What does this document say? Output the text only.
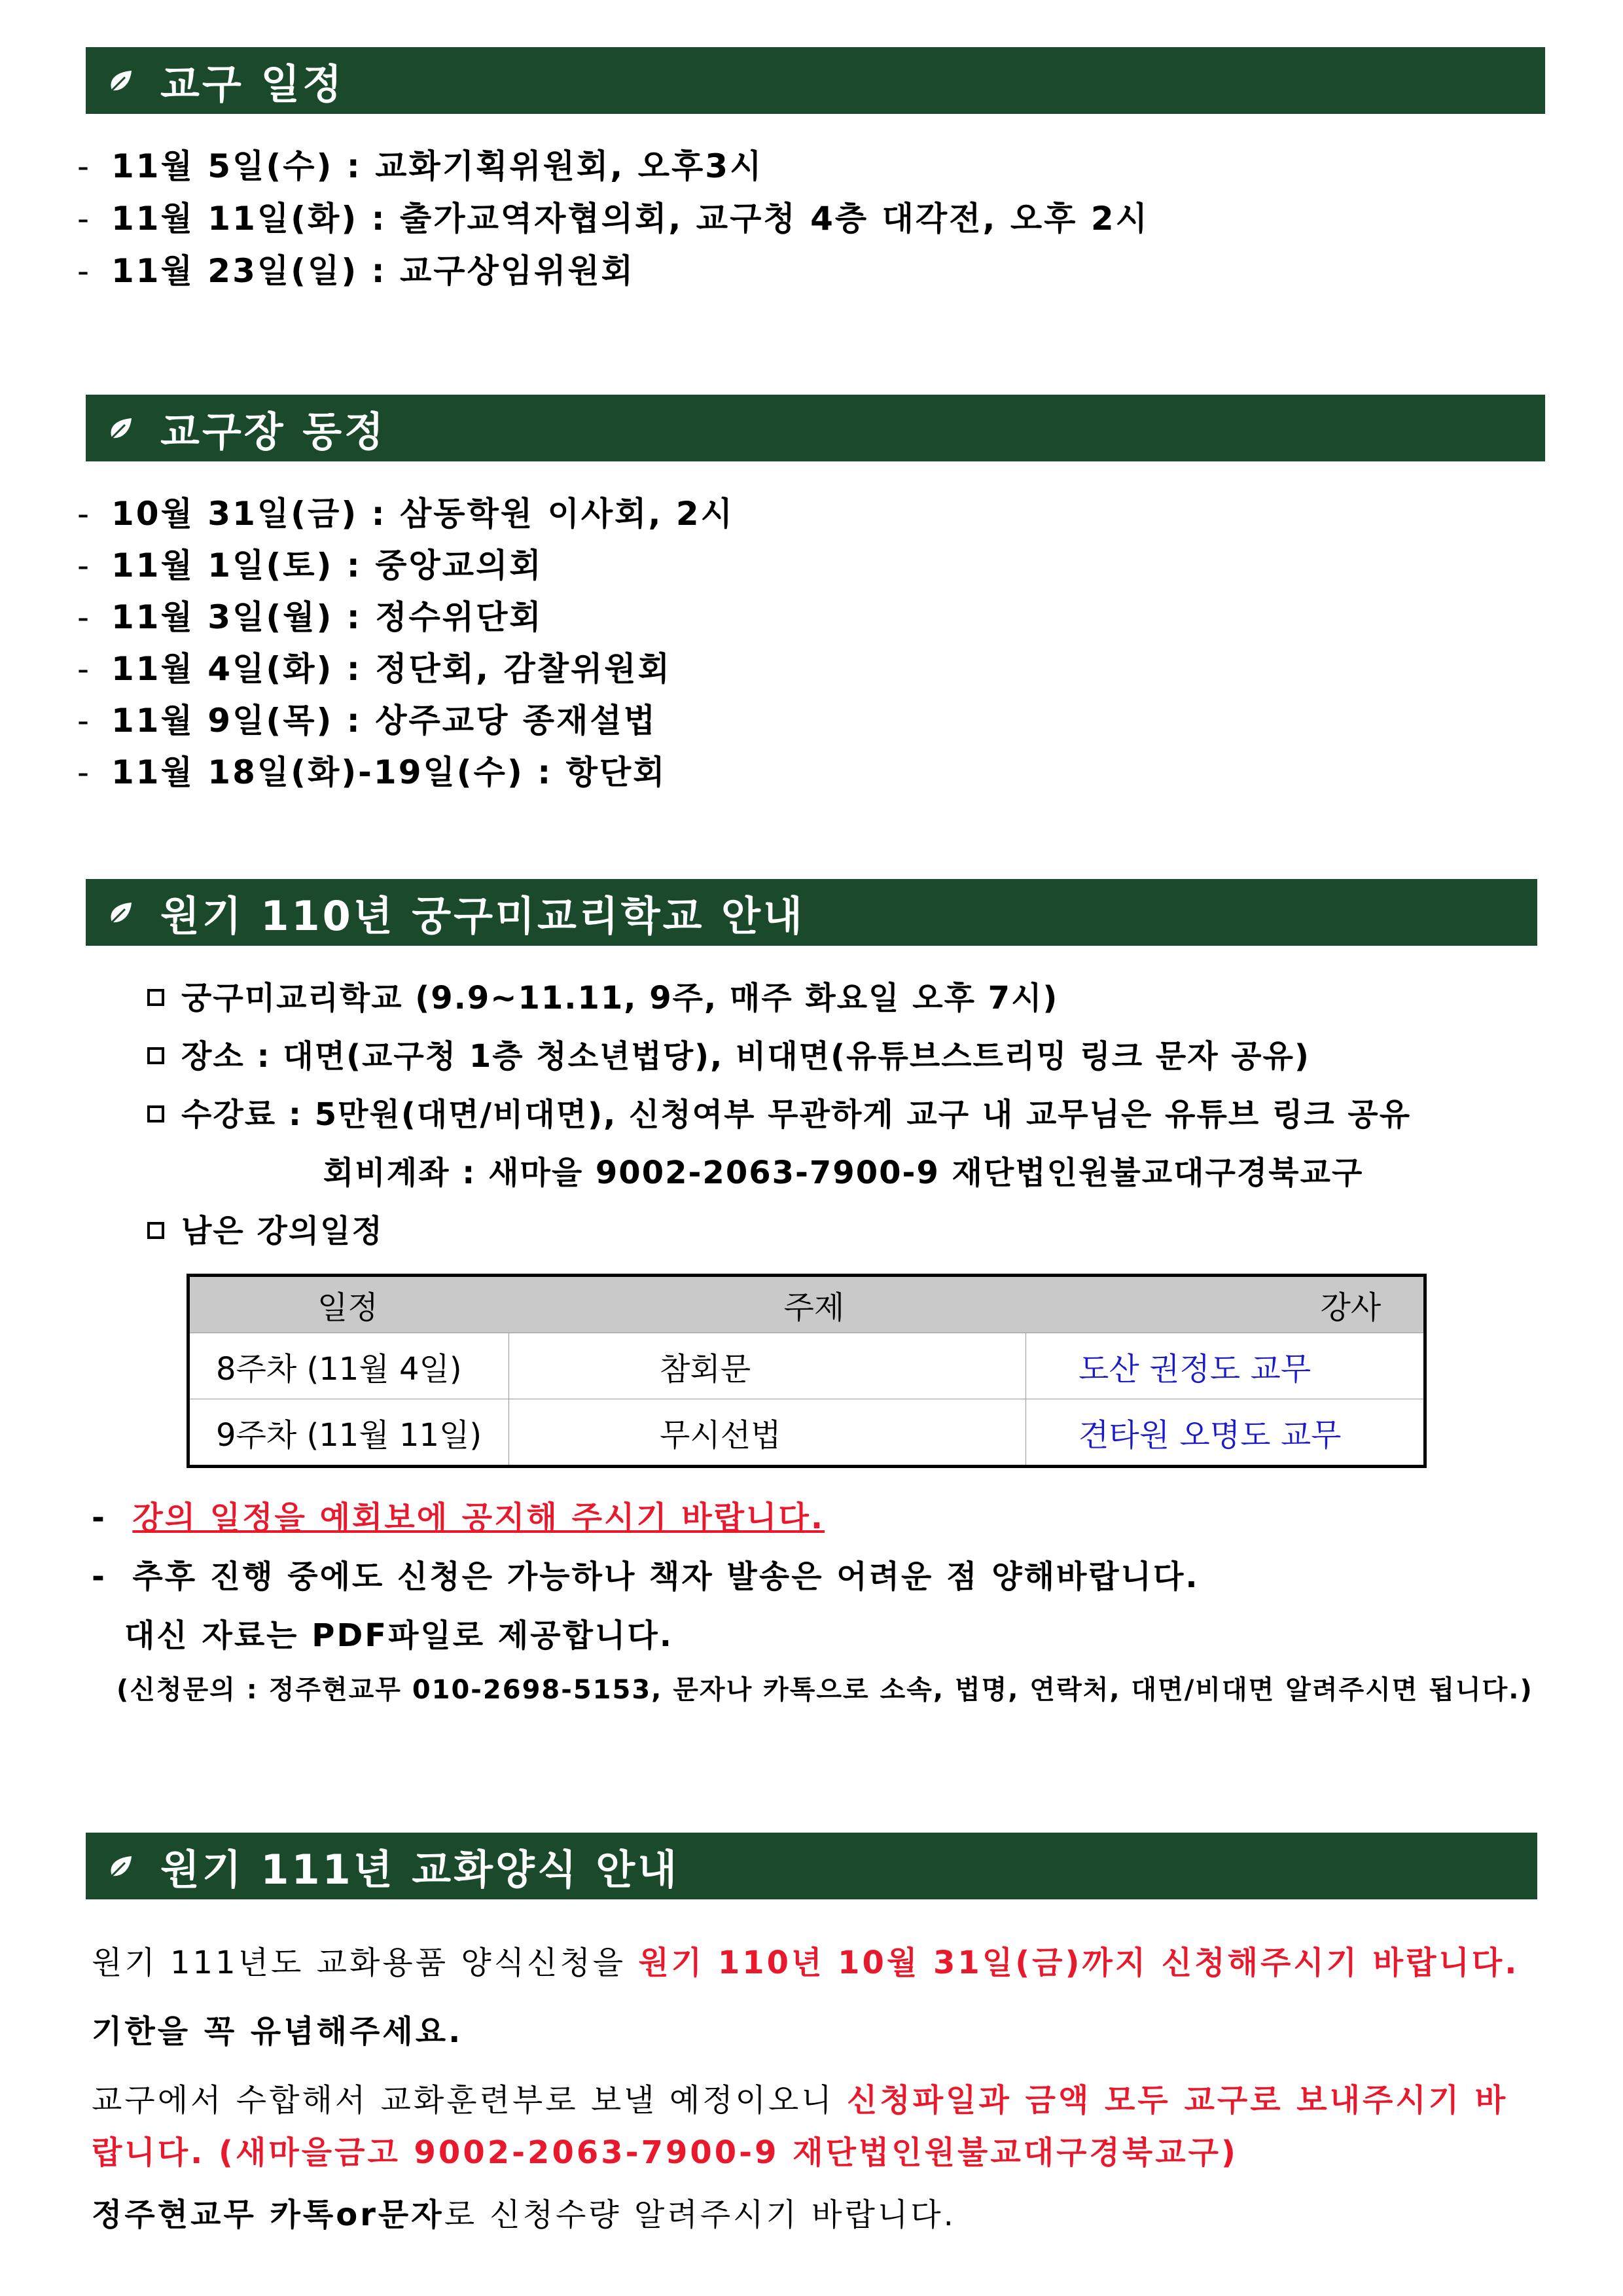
교구 일정
- 11월 5일(수) : 교화기획위원회, 오후3시
- 11월 11일(화) : 출가교역자협의회, 교구청 4층 대각전, 오후 2시
- 11월 23일(일) : 교구상임위원회
교구장 동정
- 10월 31일(금) : 삼동학원 이사회, 2시
- 11월 1일(토) : 중앙교의회
- 11월 3일(월) : 정수위단회
- 11월 4일(화) : 정단회, 감찰위원회
- 11월 9일(목) : 상주교당 종재설법
- 11월 18일(화)-19일(수) : 항단회
원기 110년 궁구미교리학교 안내
궁구미교리학교 (9.9~11.11, 9주, 매주 화요일 오후 7시)
장소 : 대면(교구청 1층 청소년법당), 비대면(유튜브스트리밍 링크 문자 공유)
수강료 : 5만원(대면/비대면), 신청여부 무관하게 교구 내 교무님은 유튜브 링크 공유
회비계좌 : 새마을 9002-2063-7900-9 재단법인원불교대구경북교구
남은 강의일정
일정	주제	강사
8주차 (11월 4일)	참회문	도산 권정도 교무
9주차 (11월 11일)	무시선법	견타원 오명도 교무
-  강의 일정을 예회보에 공지해 주시기 바랍니다.
-  추후 진행 중에도 신청은 가능하나 책자 발송은 어려운 점 양해바랍니다.
대신 자료는 PDF파일로 제공합니다.
(신청문의 : 정주현교무 010-2698-5153, 문자나 카톡으로 소속, 법명, 연락처, 대면/비대면 알려주시면 됩니다.)
원기 111년 교화양식 안내
원기 111년도 교화용품 양식신청을 원기 110년 10월 31일(금)까지 신청해주시기 바랍니다.
기한을 꼭 유념해주세요.
교구에서 수합해서 교화훈련부로 보낼 예정이오니 신청파일과 금액 모두 교구로 보내주시기 바
랍니다. (새마을금고 9002-2063-7900-9 재단법인원불교대구경북교구)
정주현교무 카톡or문자로 신청수량 알려주시기 바랍니다.
